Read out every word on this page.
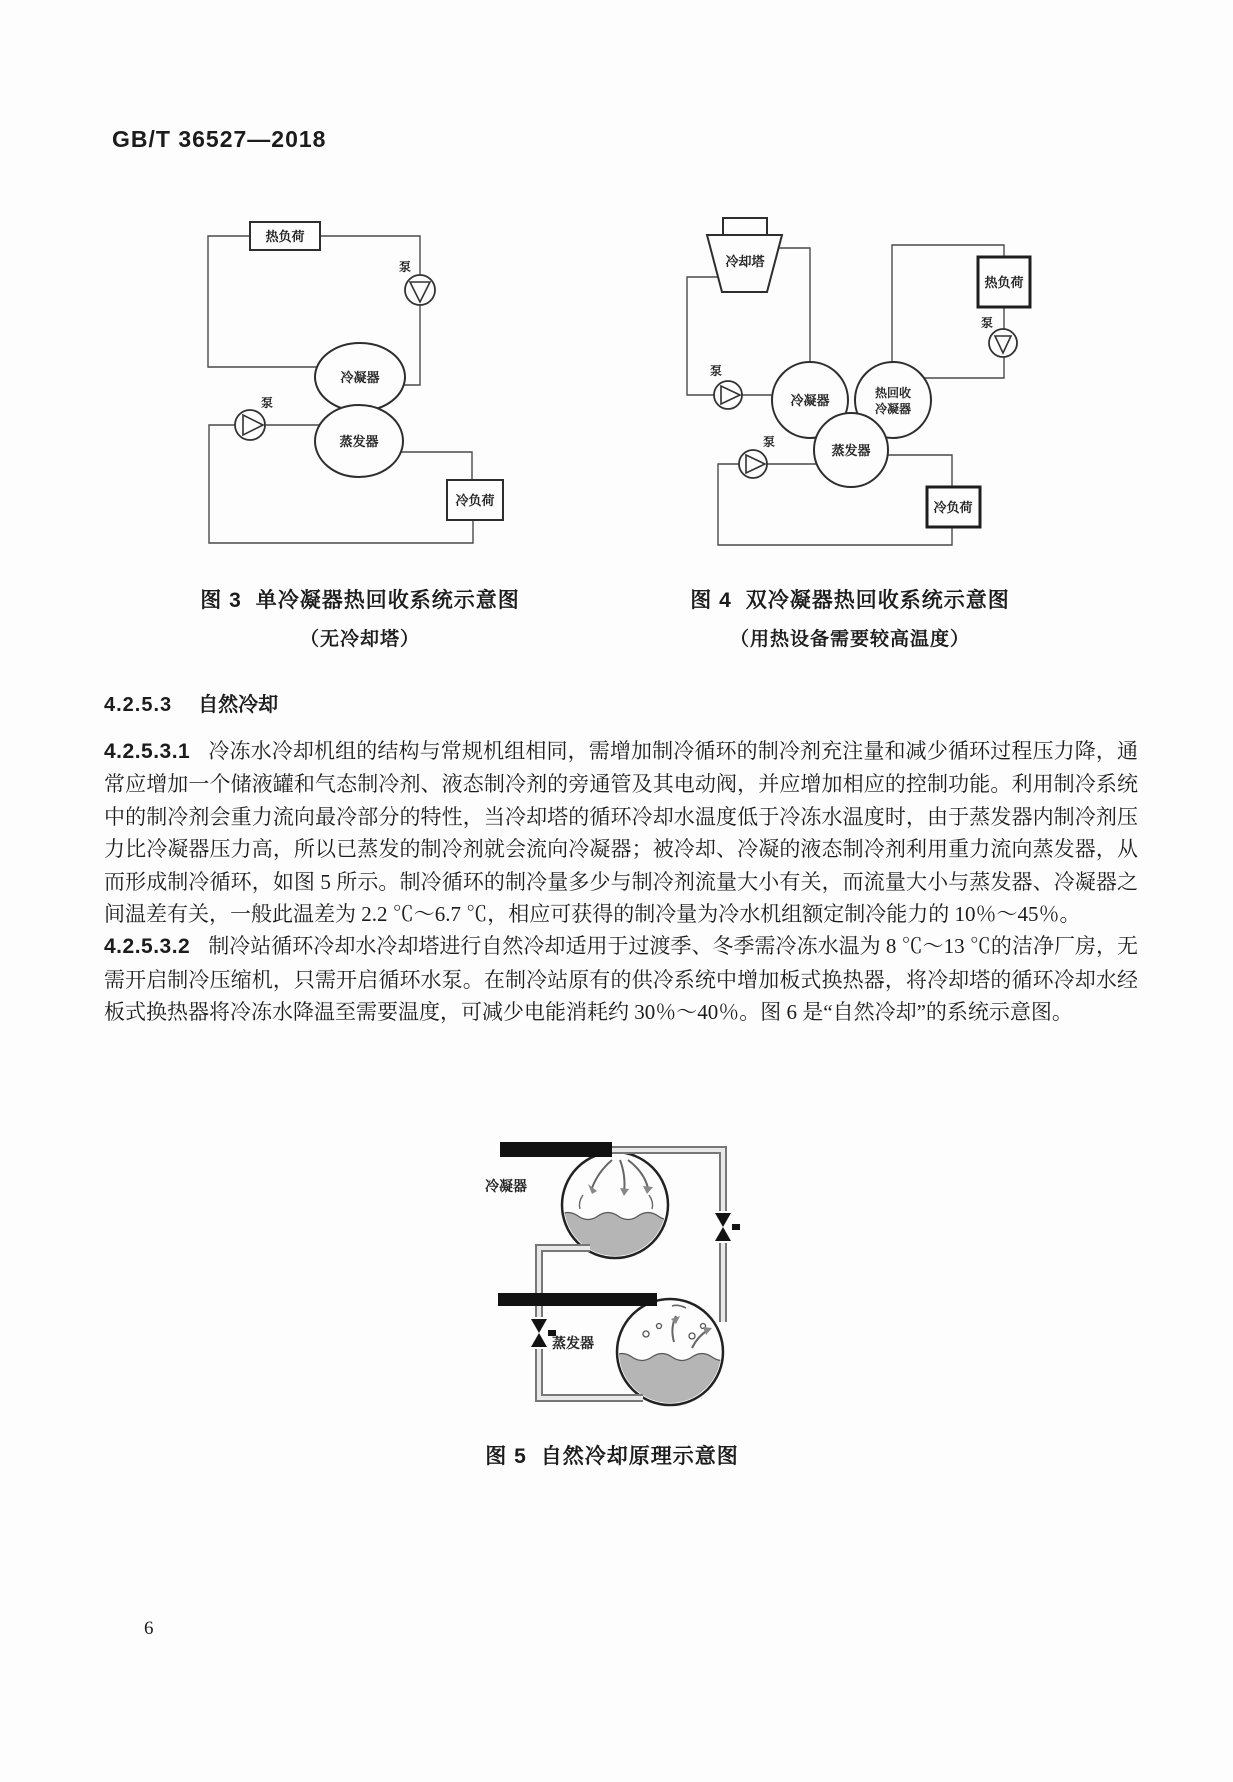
GB/T 36527—2018
热负荷
泵
冷凝器
蒸发器
泵
冷负荷
冷却塔
泵
冷凝器	热回收
冷凝器
蒸发器
热负荷
泵
泵
冷负荷
图 3 单冷凝器热回收系统示意图
（无冷却塔）
图 4 双冷凝器热回收系统示意图
（用热设备需要较高温度）
4.2.5.3 自然冷却

4.2.5.3.1 冷冻水冷却机组的结构与常规机组相同，需增加制冷循环的制冷剂充注量和减少循环过程压力降，通常应增加一个储液罐和气态制冷剂、液态制冷剂的旁通管及其电动阀，并应增加相应的控制功能。利用制冷系统中的制冷剂会重力流向最冷部分的特性，当冷却塔的循环冷却水温度低于冷冻水温度时，由于蒸发器内制冷剂压力比冷凝器压力高，所以已蒸发的制冷剂就会流向冷凝器；被冷却、冷凝的液态制冷剂利用重力流向蒸发器，从而形成制冷循环，如图 5 所示。制冷循环的制冷量多少与制冷剂流量大小有关，而流量大小与蒸发器、冷凝器之间温差有关，一般此温差为 2.2 ℃～6.7 ℃，相应可获得的制冷量为冷水机组额定制冷能力的 10％～45％。

4.2.5.3.2 制冷站循环冷却水冷却塔进行自然冷却适用于过渡季、冬季需冷冻水温为 8 ℃～13 ℃的洁净厂房，无需开启制冷压缩机，只需开启循环水泵。在制冷站原有的供冷系统中增加板式换热器，将冷却塔的循环冷却水经板式换热器将冷冻水降温至需要温度，可减少电能消耗约 30％～40％。图 6 是“自然冷却”的系统示意图。

冷凝器
蒸发器
图 5 自然冷却原理示意图
6
